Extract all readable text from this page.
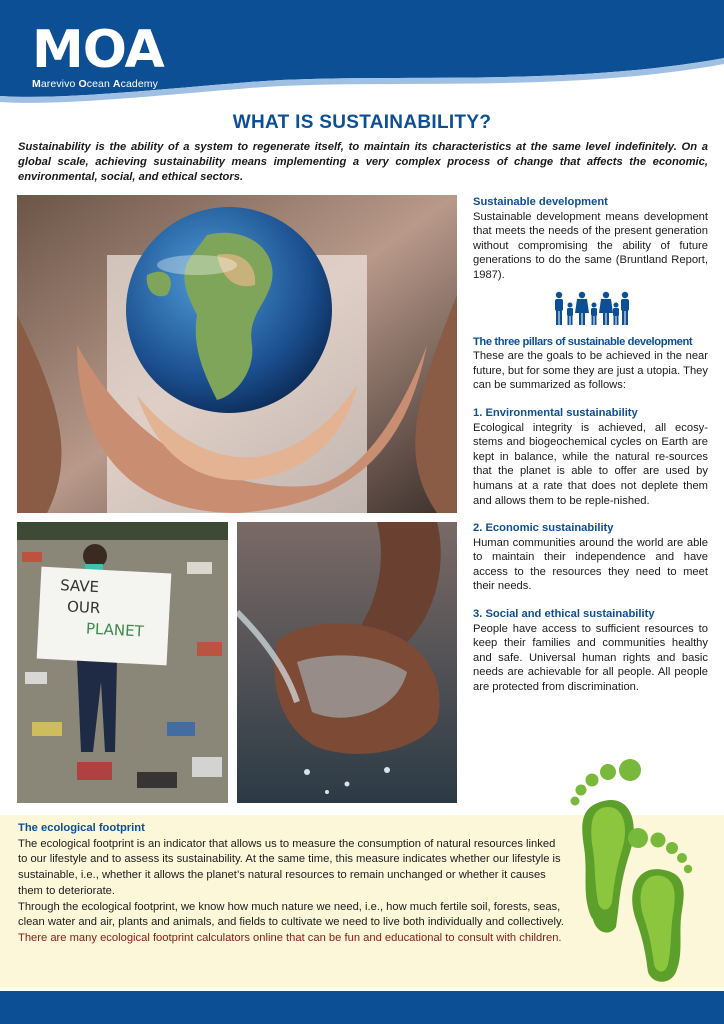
MOA
Marevivo Ocean Academy
WHAT IS SUSTAINABILITY?
Sustainability is the ability of a system to regenerate itself, to maintain its characteristics at the same level indefinitely. On a global scale, achieving sustainability means implementing a very complex process of change that affects the economic, environmental, social, and ethical sectors.
SAVE
OUR
PLANET
Sustainable development
Sustainable development means development that meets the needs of the present generation without compromising the ability of future generations to do the same (Bruntland Report, 1987).
The three pillars of sustainable development
These are the goals to be achieved in the near future, but for some they are just a utopia. They can be summarized as follows:
1. Environmental sustainability
Ecological integrity is achieved, all ecosy-stems and biogeochemical cycles on Earth are kept in balance, while the natural re-sources that the planet is able to offer are used by humans at a rate that does not deplete them and allows them to be reple-nished.
2. Economic sustainability
Human communities around the world are able to maintain their independence and have access to the resources they need to meet their needs.
3. Social and ethical sustainability
People have access to sufficient resources to keep their families and communities healthy and safe. Universal human rights and basic needs are achievable for all people. All people are protected from discrimination.
The ecological footprint
The ecological footprint is an indicator that allows us to measure the consumption of natural resources linked to our lifestyle and to assess its sustainability. At the same time, this measure indicates whether our lifestyle is sustainable, i.e., whether it allows the planet’s natural resources to remain unchanged or whether it causes them to deteriorate.
Through the ecological footprint, we know how much nature we need, i.e., how much fertile soil, forests, seas, clean water and air, plants and animals, and fields to cultivate we need to live both individually and collectively.
There are many ecological footprint calculators online that can be fun and educational to consult with children.
